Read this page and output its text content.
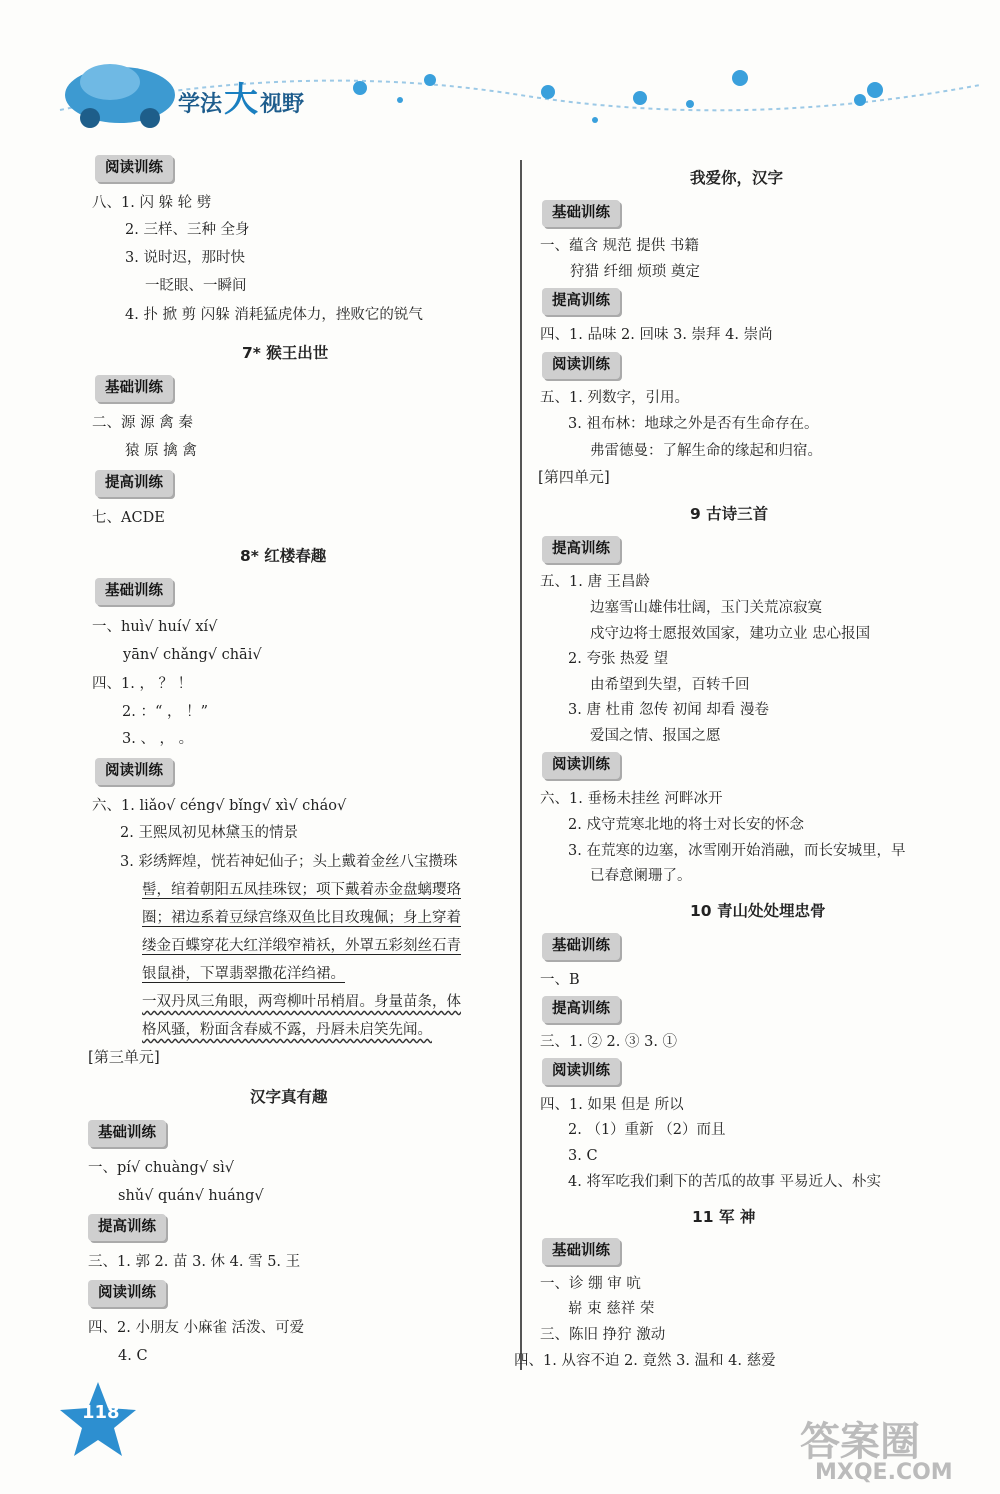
学法大视野
阅读训练
八、1. 闪 躲 轮 劈
2. 三样、三种 全身
3. 说时迟，那时快
一眨眼、一瞬间
4. 扑 掀 剪 闪躲 消耗猛虎体力，挫败它的锐气
7* 猴王出世
基础训练
二、源 源 禽 秦
猿 原 擒 禽
提高训练
七、ACDE
8* 红楼春趣
基础训练
一、huì√ huí√ xí√
yān√ chǎng√ chāi√
四、1. ， ？ ！
2. ：“ ， ！”
3. 、 ， 。
阅读训练
六、1. liǎo√ céng√ bǐng√ xì√ cháo√
2. 王熙凤初见林黛玉的情景
3. 彩绣辉煌，恍若神妃仙子；头上戴着金丝八宝攒珠
髻，绾着朝阳五凤挂珠钗；项下戴着赤金盘螭璎珞
圈；裙边系着豆绿宫绦双鱼比目玫瑰佩；身上穿着
缕金百蝶穿花大红洋缎窄褃袄，外罩五彩刻丝石青
银鼠褂，下罩翡翠撒花洋绉裙。
一双丹凤三角眼，两弯柳叶吊梢眉。身量苗条，体
格风骚，粉面含春威不露，丹唇未启笑先闻。
[第三单元]
汉字真有趣
基础训练
一、pí√ chuàng√ sì√
shǔ√ quán√ huáng√
提高训练
三、1. 郭 2. 苗 3. 休 4. 雪 5. 王
阅读训练
四、2. 小朋友 小麻雀 活泼、可爱
4. C
我爱你，汉字
基础训练
一、蕴含 规范 提供 书籍
狩猎 纤细 烦琐 奠定
提高训练
四、1. 品味 2. 回味 3. 崇拜 4. 崇尚
阅读训练
五、1. 列数字，引用。
3. 祖布林：地球之外是否有生命存在。
弗雷德曼：了解生命的缘起和归宿。
[第四单元]
9 古诗三首
提高训练
五、1. 唐 王昌龄
边塞雪山雄伟壮阔，玉门关荒凉寂寞
戍守边将士愿报效国家，建功立业 忠心报国
2. 夸张 热爱 望
由希望到失望，百转千回
3. 唐 杜甫 忽传 初闻 却看 漫卷
爱国之情、报国之愿
阅读训练
六、1. 垂杨未挂丝 河畔冰开
2. 戍守荒寒北地的将士对长安的怀念
3. 在荒寒的边塞，冰雪刚开始消融，而长安城里，早
已春意阑珊了。
10 青山处处埋忠骨
基础训练
一、B
提高训练
三、1. ② 2. ③ 3. ①
阅读训练
四、1. 如果 但是 所以
2. （1）重新 （2）而且
3. C
4. 将军吃我们剩下的苦瓜的故事 平易近人、朴实
11 军 神
基础训练
一、诊 绷 审 吭
崭 束 慈祥 荣
三、陈旧 挣狞 激动
四、1. 从容不迫 2. 竟然 3. 温和 4. 慈爱
118
答案圈
MXQE.COM
